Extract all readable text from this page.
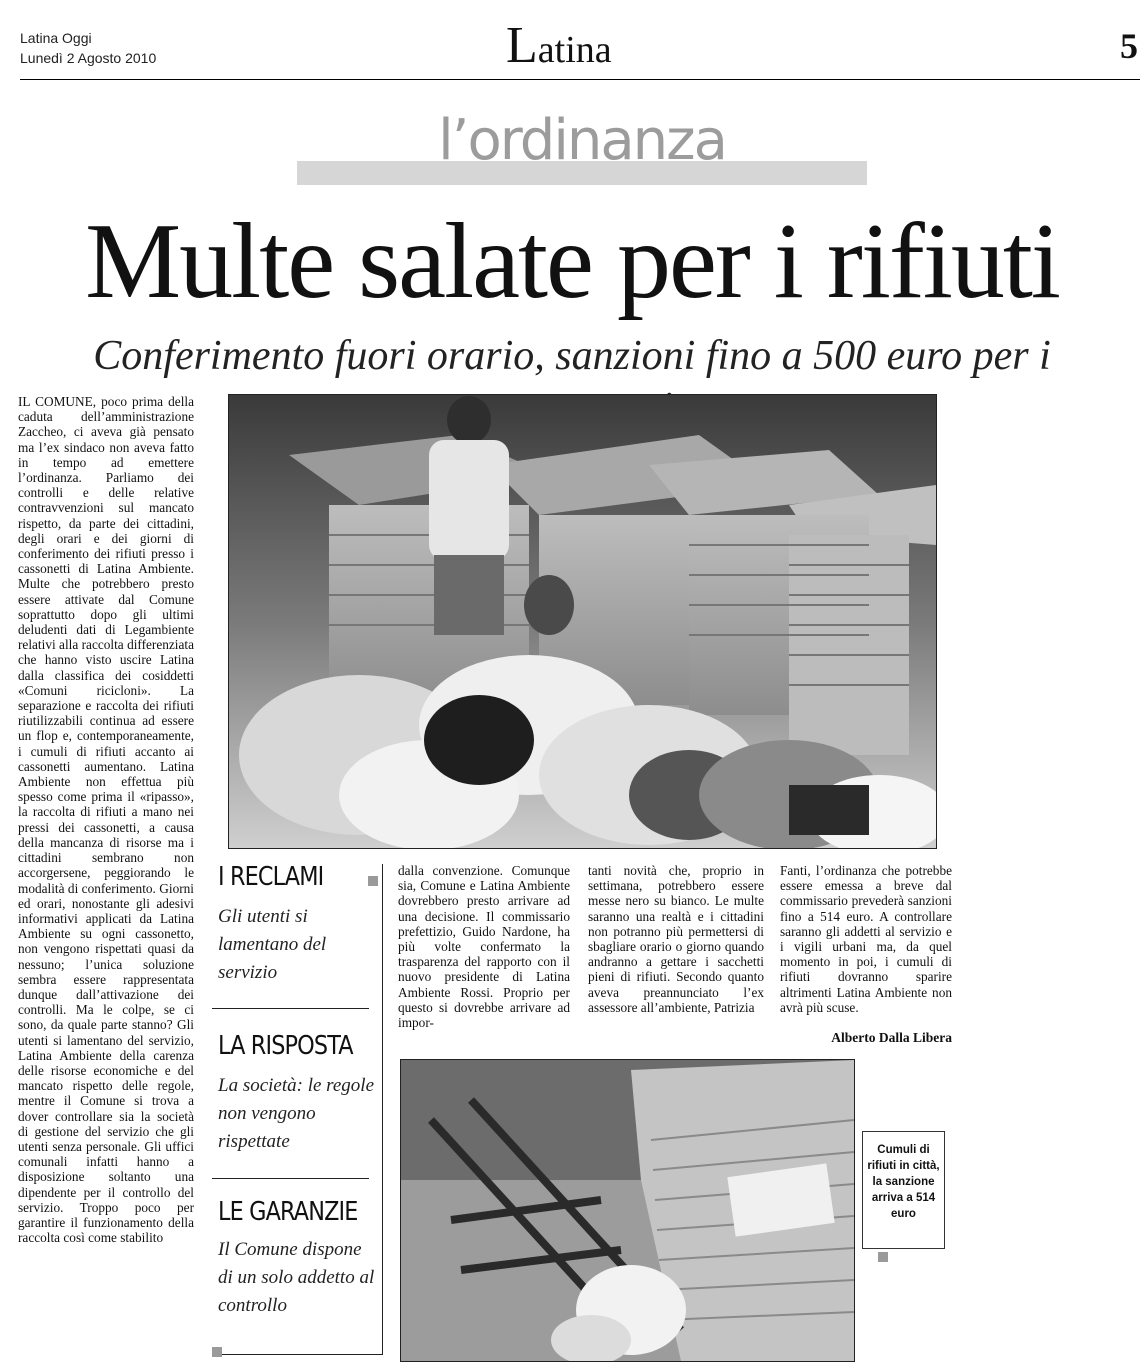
Latina Oggi
Lunedì 2 Agosto 2010	Latina	5
l’ordinanza
Multe salate per i rifiuti
Conferimento fuori orario, sanzioni fino a 500 euro per i
IL COMUNE, poco prima della caduta dell’amministrazione Zaccheo, ci aveva già pensato ma l’ex sindaco non aveva fatto in tempo ad emettere l’ordinanza. Parliamo dei controlli e delle relative contravvenzioni sul mancato rispetto, da parte dei cittadini, degli orari e dei giorni di conferimento dei rifiuti presso i cassonetti di Latina Ambiente. Multe che potrebbero presto essere attivate dal Comune soprattutto dopo gli ultimi deludenti dati di Legambiente relativi alla raccolta differenziata che hanno visto uscire Latina dalla classifica dei cosiddetti «Comuni ricicloni». La separazione e raccolta dei rifiuti riutilizzabili continua ad essere un flop e, contemporaneamente, i cumuli di rifiuti accanto ai cassonetti aumentano. Latina Ambiente non effettua più spesso come prima il «ripasso», la raccolta di rifiuti a mano nei pressi dei cassonetti, a causa della mancanza di risorse ma i cittadini sembrano non accorgersene, peggiorando le modalità di conferimento. Giorni ed orari, nonostante gli adesivi informativi applicati da Latina Ambiente su ogni cassonetto, non vengono rispettati quasi da nessuno; l’unica soluzione sembra essere rappresentata dunque dall’attivazione dei controlli. Ma le colpe, se ci sono, da quale parte stanno? Gli utenti si lamentano del servizio, Latina Ambiente della carenza delle risorse economiche e del mancato rispetto delle regole, mentre il Comune si trova a dover controllare sia la società di gestione del servizio che gli utenti senza personale. Gli uffici comunali infatti hanno a disposizione soltanto una dipendente per il controllo del servizio. Troppo poco per garantire il funzionamento della raccolta così come stabilito
I RECLAMI
Gli utenti si lamentano del servizio
LA RISPOSTA
La società: le regole non vengono rispettate
LE GARANZIE
Il Comune dispone di un solo addetto al controllo
dalla convenzione. Comunque sia, Comune e Latina Ambiente dovrebbero presto arrivare ad una decisione. Il commissario prefettizio, Guido Nardone, ha più volte confermato la trasparenza del rapporto con il nuovo presidente di Latina Ambiente Rossi. Proprio per questo si dovrebbe arrivare ad impor-
tanti novità che, proprio in settimana, potrebbero essere messe nero su bianco. Le multe saranno una realtà e i cittadini non potranno più permettersi di sbagliare orario o giorno quando andranno a gettare i sacchetti pieni di rifiuti. Secondo quanto aveva preannunciato l’ex assessore all’ambiente, Patrizia
Fanti, l’ordinanza che potrebbe essere emessa a breve dal commissario prevederà sanzioni fino a 514 euro. A controllare saranno gli addetti al servizio e i vigili urbani ma, da quel momento in poi, i cumuli di rifiuti dovranno sparire altrimenti Latina Ambiente non avrà più scuse.
Alberto Dalla Libera
Cumuli di rifiuti in città, la sanzione arriva a 514 euro
